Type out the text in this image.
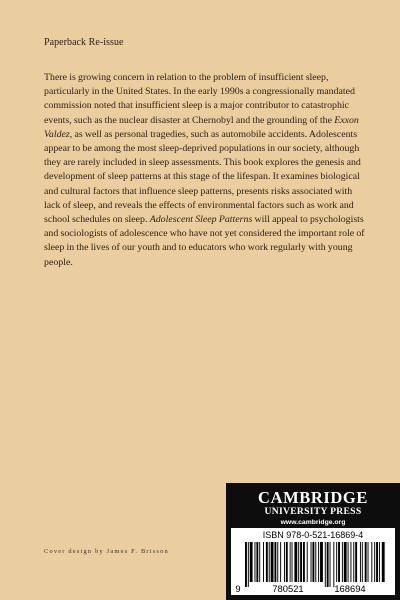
Paperback Re-issue

There is growing concern in relation to the problem of insufficient sleep, particularly in the United States. In the early 1990s a congressionally mandated commission noted that insufficient sleep is a major contributor to catastrophic events, such as the nuclear disaster at Chernobyl and the grounding of the Exxon Valdez, as well as personal tragedies, such as automobile accidents. Adolescents appear to be among the most sleep-deprived populations in our society, although they are rarely included in sleep assessments. This book explores the genesis and development of sleep patterns at this stage of the lifespan. It examines biological and cultural factors that influence sleep patterns, presents risks associated with lack of sleep, and reveals the effects of environmental factors such as work and school schedules on sleep. Adolescent Sleep Patterns will appeal to psychologists and sociologists of adolescence who have not yet considered the important role of sleep in the lives of our youth and to educators who work regularly with young people.

CAMBRIDGE

UNIVERSITY PRESS

www.cambridge.org

ISBN 978-0-521-16869-4

9	780521	168694

Cover design by James F. Brisson
